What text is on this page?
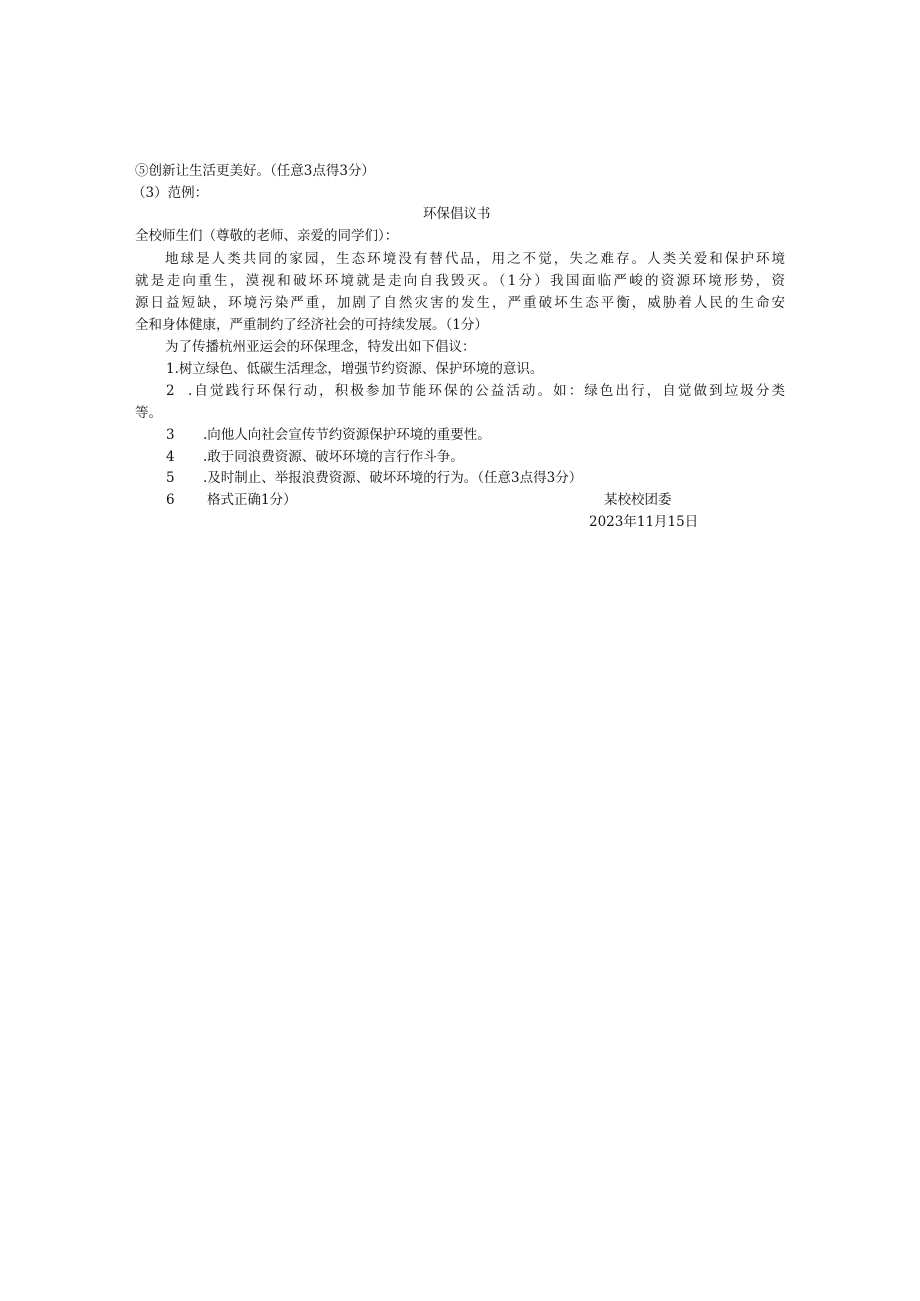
⑤创新让生活更美好。（任意3点得3分）
（3）范例：
环保倡议书
全校师生们（尊敬的老师、亲爱的同学们）：
地球是人类共同的家园，生态环境没有替代品，用之不觉，失之难存。人类关爱和保护环境
就是走向重生，漠视和破坏环境就是走向自我毁灭。（1分）我国面临严峻的资源环境形势，资
源日益短缺，环境污染严重，加剧了自然灾害的发生，严重破坏生态平衡，威胁着人民的生命安
全和身体健康，严重制约了经济社会的可持续发展。（1分）
为了传播杭州亚运会的环保理念，特发出如下倡议：
1.树立绿色、低碳生活理念，增强节约资源、保护环境的意识。
2 .自觉践行环保行动，积极参加节能环保的公益活动。如：绿色出行，自觉做到垃圾分类
等。
3 .向他人向社会宣传节约资源保护环境的重要性。
4 .敢于同浪费资源、破坏环境的言行作斗争。
5 .及时制止、举报浪费资源、破坏环境的行为。（任意3点得3分）
6 格式正确1分）	某校校团委
2023年11月15日
